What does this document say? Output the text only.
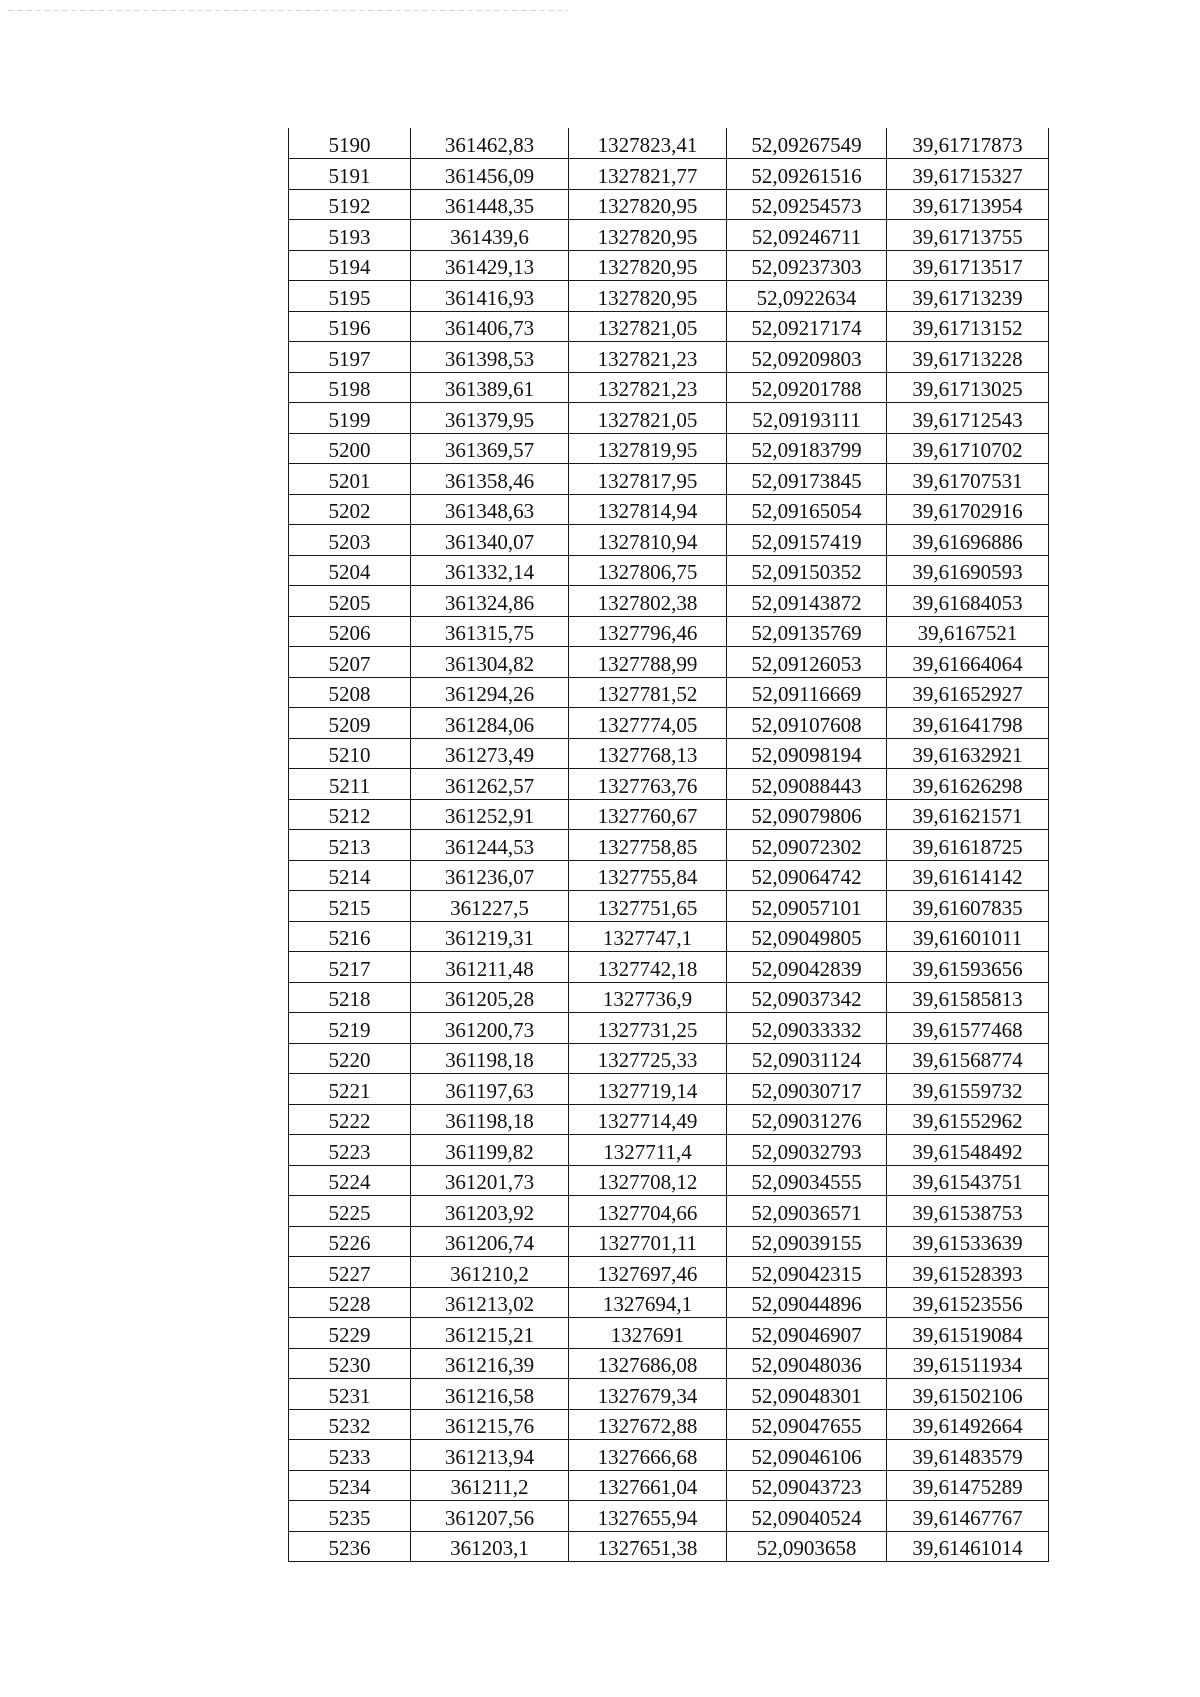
5190	361462,83	1327823,41	52,09267549	39,61717873
5191	361456,09	1327821,77	52,09261516	39,61715327
5192	361448,35	1327820,95	52,09254573	39,61713954
5193	361439,6	1327820,95	52,09246711	39,61713755
5194	361429,13	1327820,95	52,09237303	39,61713517
5195	361416,93	1327820,95	52,0922634	39,61713239
5196	361406,73	1327821,05	52,09217174	39,61713152
5197	361398,53	1327821,23	52,09209803	39,61713228
5198	361389,61	1327821,23	52,09201788	39,61713025
5199	361379,95	1327821,05	52,09193111	39,61712543
5200	361369,57	1327819,95	52,09183799	39,61710702
5201	361358,46	1327817,95	52,09173845	39,61707531
5202	361348,63	1327814,94	52,09165054	39,61702916
5203	361340,07	1327810,94	52,09157419	39,61696886
5204	361332,14	1327806,75	52,09150352	39,61690593
5205	361324,86	1327802,38	52,09143872	39,61684053
5206	361315,75	1327796,46	52,09135769	39,6167521
5207	361304,82	1327788,99	52,09126053	39,61664064
5208	361294,26	1327781,52	52,09116669	39,61652927
5209	361284,06	1327774,05	52,09107608	39,61641798
5210	361273,49	1327768,13	52,09098194	39,61632921
5211	361262,57	1327763,76	52,09088443	39,61626298
5212	361252,91	1327760,67	52,09079806	39,61621571
5213	361244,53	1327758,85	52,09072302	39,61618725
5214	361236,07	1327755,84	52,09064742	39,61614142
5215	361227,5	1327751,65	52,09057101	39,61607835
5216	361219,31	1327747,1	52,09049805	39,61601011
5217	361211,48	1327742,18	52,09042839	39,61593656
5218	361205,28	1327736,9	52,09037342	39,61585813
5219	361200,73	1327731,25	52,09033332	39,61577468
5220	361198,18	1327725,33	52,09031124	39,61568774
5221	361197,63	1327719,14	52,09030717	39,61559732
5222	361198,18	1327714,49	52,09031276	39,61552962
5223	361199,82	1327711,4	52,09032793	39,61548492
5224	361201,73	1327708,12	52,09034555	39,61543751
5225	361203,92	1327704,66	52,09036571	39,61538753
5226	361206,74	1327701,11	52,09039155	39,61533639
5227	361210,2	1327697,46	52,09042315	39,61528393
5228	361213,02	1327694,1	52,09044896	39,61523556
5229	361215,21	1327691	52,09046907	39,61519084
5230	361216,39	1327686,08	52,09048036	39,61511934
5231	361216,58	1327679,34	52,09048301	39,61502106
5232	361215,76	1327672,88	52,09047655	39,61492664
5233	361213,94	1327666,68	52,09046106	39,61483579
5234	361211,2	1327661,04	52,09043723	39,61475289
5235	361207,56	1327655,94	52,09040524	39,61467767
5236	361203,1	1327651,38	52,0903658	39,61461014
